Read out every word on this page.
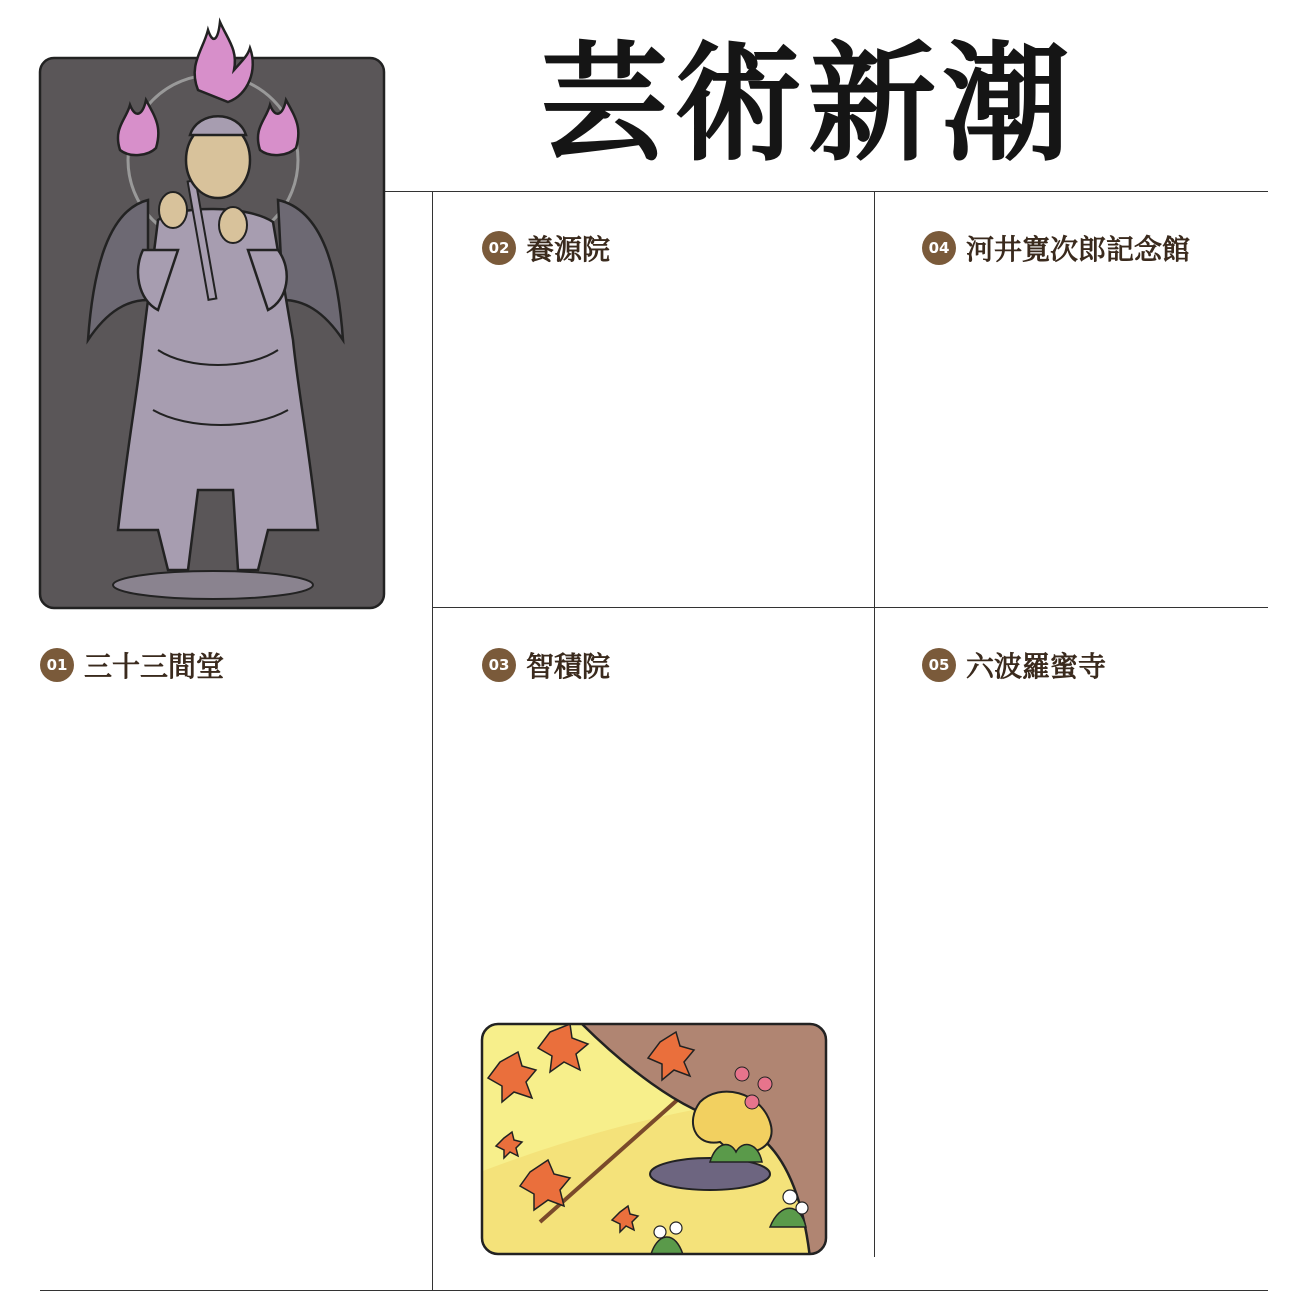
芸術新潮
01 三十三間堂
02 養源院
03 智積院
04 河井寛次郎記念館
05 六波羅蜜寺
